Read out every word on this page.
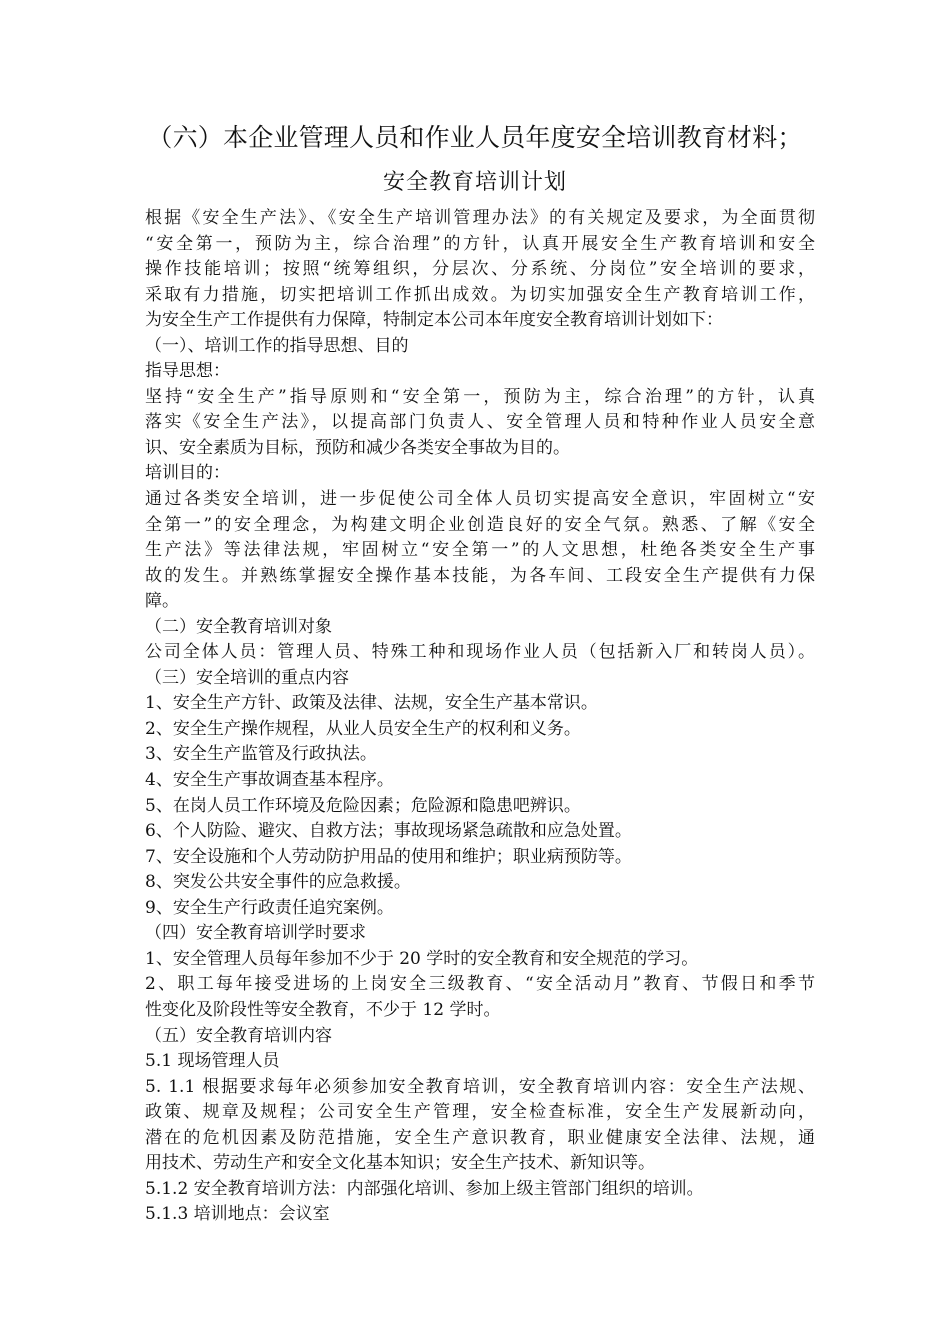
（六）本企业管理人员和作业人员年度安全培训教育材料；
安全教育培训计划
根据《安全生产法》、《安全生产培训管理办法》的有关规定及要求，为全面贯彻
“安全第一，预防为主，综合治理”的方针，认真开展安全生产教育培训和安全
操作技能培训；按照“统筹组织，分层次、分系统、分岗位”安全培训的要求，
采取有力措施，切实把培训工作抓出成效。为切实加强安全生产教育培训工作，
为安全生产工作提供有力保障，特制定本公司本年度安全教育培训计划如下：
（一）、培训工作的指导思想、目的
指导思想：
坚持“安全生产”指导原则和“安全第一，预防为主，综合治理”的方针，认真
落实《安全生产法》，以提高部门负责人、安全管理人员和特种作业人员安全意
识、安全素质为目标，预防和减少各类安全事故为目的。
培训目的：
通过各类安全培训，进一步促使公司全体人员切实提高安全意识，牢固树立“安
全第一”的安全理念，为构建文明企业创造良好的安全气氛。熟悉、了解《安全
生产法》等法律法规，牢固树立“安全第一”的人文思想，杜绝各类安全生产事
故的发生。并熟练掌握安全操作基本技能，为各车间、工段安全生产提供有力保
障。
（二）安全教育培训对象
公司全体人员：管理人员、特殊工种和现场作业人员（包括新入厂和转岗人员）。
（三）安全培训的重点内容
1、安全生产方针、政策及法律、法规，安全生产基本常识。
2、安全生产操作规程，从业人员安全生产的权利和义务。
3、安全生产监管及行政执法。
4、安全生产事故调查基本程序。
5、在岗人员工作环境及危险因素；危险源和隐患吧辨识。
6、个人防险、避灾、自救方法；事故现场紧急疏散和应急处置。
7、安全设施和个人劳动防护用品的使用和维护；职业病预防等。
8、突发公共安全事件的应急救援。
9、安全生产行政责任追究案例。
（四）安全教育培训学时要求
1、安全管理人员每年参加不少于 20 学时的安全教育和安全规范的学习。
2、职工每年接受进场的上岗安全三级教育、“安全活动月”教育、节假日和季节
性变化及阶段性等安全教育，不少于 12 学时。
（五）安全教育培训内容
5.1 现场管理人员
5. 1.1 根据要求每年必须参加安全教育培训，安全教育培训内容：安全生产法规、
政策、规章及规程；公司安全生产管理，安全检查标准，安全生产发展新动向，
潜在的危机因素及防范措施，安全生产意识教育，职业健康安全法律、法规，通
用技术、劳动生产和安全文化基本知识；安全生产技术、新知识等。
5.1.2 安全教育培训方法：内部强化培训、参加上级主管部门组织的培训。
5.1.3 培训地点：会议室
